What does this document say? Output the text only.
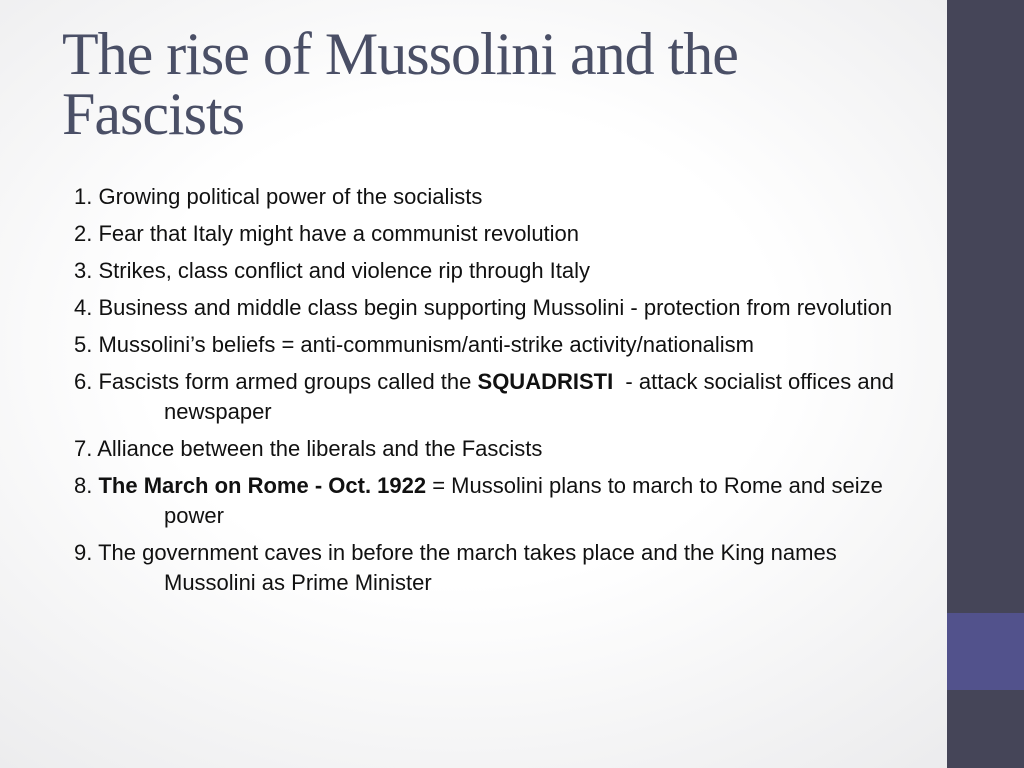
The rise of Mussolini and the Fascists
1. Growing political power of the socialists
2. Fear that Italy might have a communist revolution
3. Strikes, class conflict and violence rip through Italy
4. Business and middle class begin supporting Mussolini - protection from revolution
5. Mussolini’s beliefs = anti-communism/anti-strike activity/nationalism
6. Fascists form armed groups called the SQUADRISTI  - attack socialist offices and newspaper
7. Alliance between the liberals and the Fascists
8. The March on Rome - Oct. 1922 = Mussolini plans to march to Rome and seize power
9. The government caves in before the march takes place and the King names Mussolini as Prime Minister
